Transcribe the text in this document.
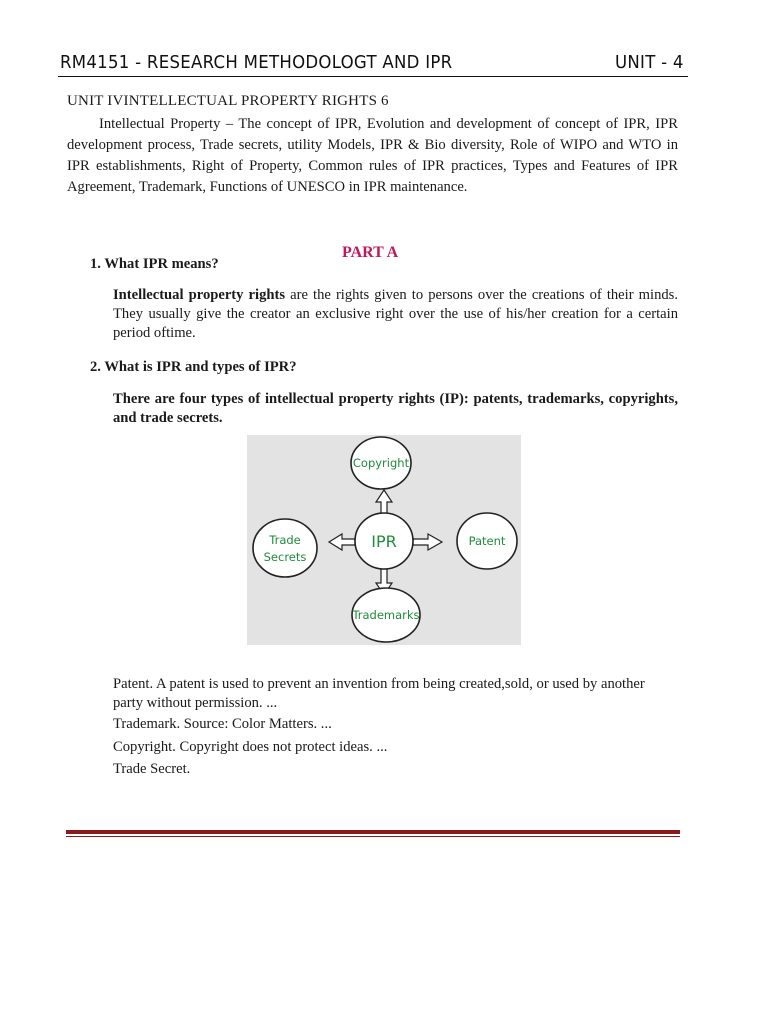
RM4151 - RESEARCH METHODOLOGT AND IPR	UNIT - 4
UNIT IVINTELLECTUAL PROPERTY RIGHTS 6

Intellectual Property – The concept of IPR, Evolution and development of concept of IPR, IPR development process, Trade secrets, utility Models, IPR & Bio diversity, Role of WIPO and WTO in IPR establishments, Right of Property, Common rules of IPR practices, Types and Features of IPR Agreement, Trademark, Functions of UNESCO in IPR maintenance.

PART A
1. What IPR means?

Intellectual property rights are the rights given to persons over the creations of their minds. They usually give the creator an exclusive right over the use of his/her creation for a certain period oftime.

2. What is IPR and types of IPR?

There are four types of intellectual property rights (IP): patents, trademarks, copyrights, and trade secrets.

Copyright
IPR
Trade
Secrets
Patent
Trademarks

Patent. A patent is used to prevent an invention from being created,sold, or used by another party without permission. ...

Trademark. Source: Color Matters. ...

Copyright. Copyright does not protect ideas. ...

Trade Secret.
